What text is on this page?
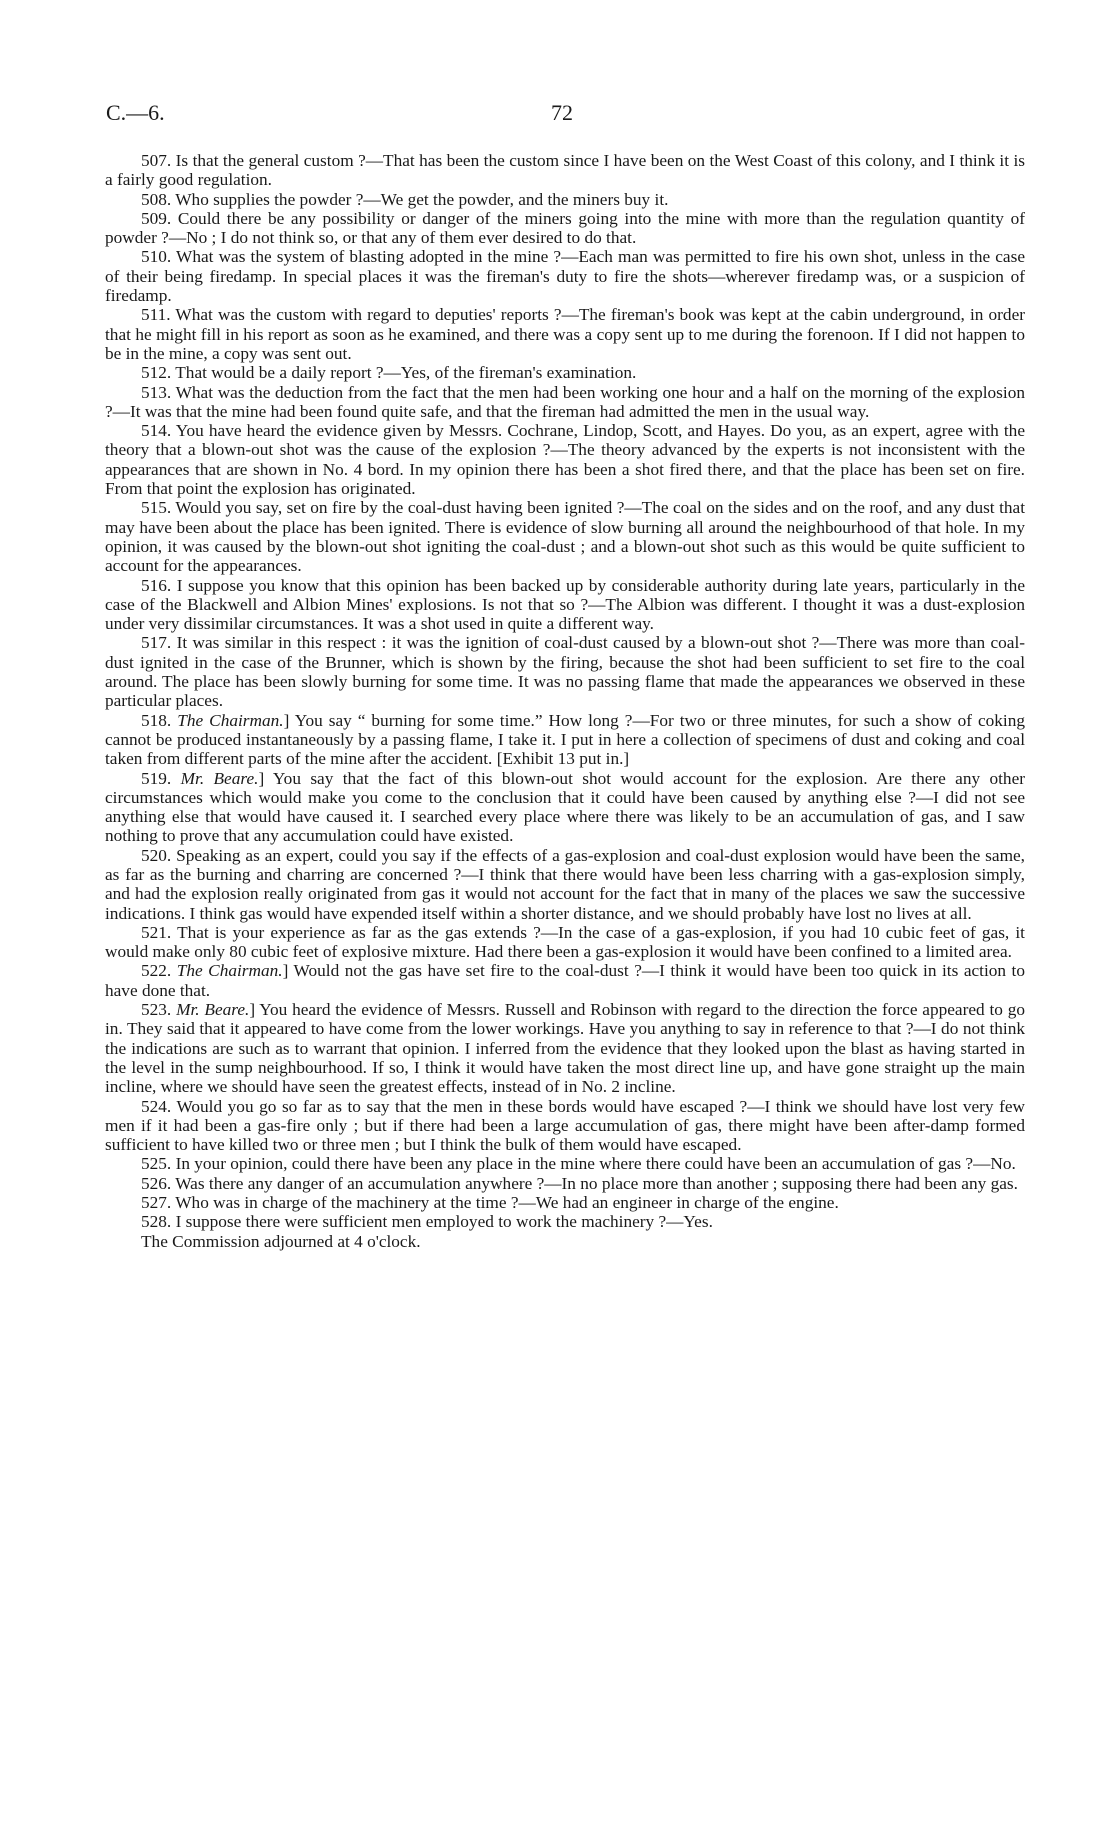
C.—6.	72

507. Is that the general custom ?—That has been the custom since I have been on the West Coast of this colony, and I think it is a fairly good regulation.

508. Who supplies the powder ?—We get the powder, and the miners buy it.

509. Could there be any possibility or danger of the miners going into the mine with more than the regulation quantity of powder ?—No ; I do not think so, or that any of them ever desired to do that.

510. What was the system of blasting adopted in the mine ?—Each man was permitted to fire his own shot, unless in the case of their being firedamp. In special places it was the fireman's duty to fire the shots—wherever firedamp was, or a suspicion of firedamp.

511. What was the custom with regard to deputies' reports ?—The fireman's book was kept at the cabin underground, in order that he might fill in his report as soon as he examined, and there was a copy sent up to me during the forenoon. If I did not happen to be in the mine, a copy was sent out.

512. That would be a daily report ?—Yes, of the fireman's examination.

513. What was the deduction from the fact that the men had been working one hour and a half on the morning of the explosion ?—It was that the mine had been found quite safe, and that the fireman had admitted the men in the usual way.

514. You have heard the evidence given by Messrs. Cochrane, Lindop, Scott, and Hayes. Do you, as an expert, agree with the theory that a blown-out shot was the cause of the explosion ?—The theory advanced by the experts is not inconsistent with the appearances that are shown in No. 4 bord. In my opinion there has been a shot fired there, and that the place has been set on fire. From that point the explosion has originated.

515. Would you say, set on fire by the coal-dust having been ignited ?—The coal on the sides and on the roof, and any dust that may have been about the place has been ignited. There is evidence of slow burning all around the neighbourhood of that hole. In my opinion, it was caused by the blown-out shot igniting the coal-dust ; and a blown-out shot such as this would be quite sufficient to account for the appearances.

516. I suppose you know that this opinion has been backed up by considerable authority during late years, particularly in the case of the Blackwell and Albion Mines' explosions. Is not that so ?—The Albion was different. I thought it was a dust-explosion under very dissimilar circumstances. It was a shot used in quite a different way.

517. It was similar in this respect : it was the ignition of coal-dust caused by a blown-out shot ?—There was more than coal-dust ignited in the case of the Brunner, which is shown by the firing, because the shot had been sufficient to set fire to the coal around. The place has been slowly burning for some time. It was no passing flame that made the appearances we observed in these particular places.

518. The Chairman.] You say “ burning for some time.” How long ?—For two or three minutes, for such a show of coking cannot be produced instantaneously by a passing flame, I take it. I put in here a collection of specimens of dust and coking and coal taken from different parts of the mine after the accident. [Exhibit 13 put in.]

519. Mr. Beare.] You say that the fact of this blown-out shot would account for the explosion. Are there any other circumstances which would make you come to the conclusion that it could have been caused by anything else ?—I did not see anything else that would have caused it. I searched every place where there was likely to be an accumulation of gas, and I saw nothing to prove that any accumulation could have existed.

520. Speaking as an expert, could you say if the effects of a gas-explosion and coal-dust explosion would have been the same, as far as the burning and charring are concerned ?—I think that there would have been less charring with a gas-explosion simply, and had the explosion really originated from gas it would not account for the fact that in many of the places we saw the successive indications. I think gas would have expended itself within a shorter distance, and we should probably have lost no lives at all.

521. That is your experience as far as the gas extends ?—In the case of a gas-explosion, if you had 10 cubic feet of gas, it would make only 80 cubic feet of explosive mixture. Had there been a gas-explosion it would have been confined to a limited area.

522. The Chairman.] Would not the gas have set fire to the coal-dust ?—I think it would have been too quick in its action to have done that.

523. Mr. Beare.] You heard the evidence of Messrs. Russell and Robinson with regard to the direction the force appeared to go in. They said that it appeared to have come from the lower workings. Have you anything to say in reference to that ?—I do not think the indications are such as to warrant that opinion. I inferred from the evidence that they looked upon the blast as having started in the level in the sump neighbourhood. If so, I think it would have taken the most direct line up, and have gone straight up the main incline, where we should have seen the greatest effects, instead of in No. 2 incline.

524. Would you go so far as to say that the men in these bords would have escaped ?—I think we should have lost very few men if it had been a gas-fire only ; but if there had been a large accumulation of gas, there might have been after-damp formed sufficient to have killed two or three men ; but I think the bulk of them would have escaped.

525. In your opinion, could there have been any place in the mine where there could have been an accumulation of gas ?—No.

526. Was there any danger of an accumulation anywhere ?—In no place more than another ; supposing there had been any gas.

527. Who was in charge of the machinery at the time ?—We had an engineer in charge of the engine.

528. I suppose there were sufficient men employed to work the machinery ?—Yes.

The Commission adjourned at 4 o'clock.
